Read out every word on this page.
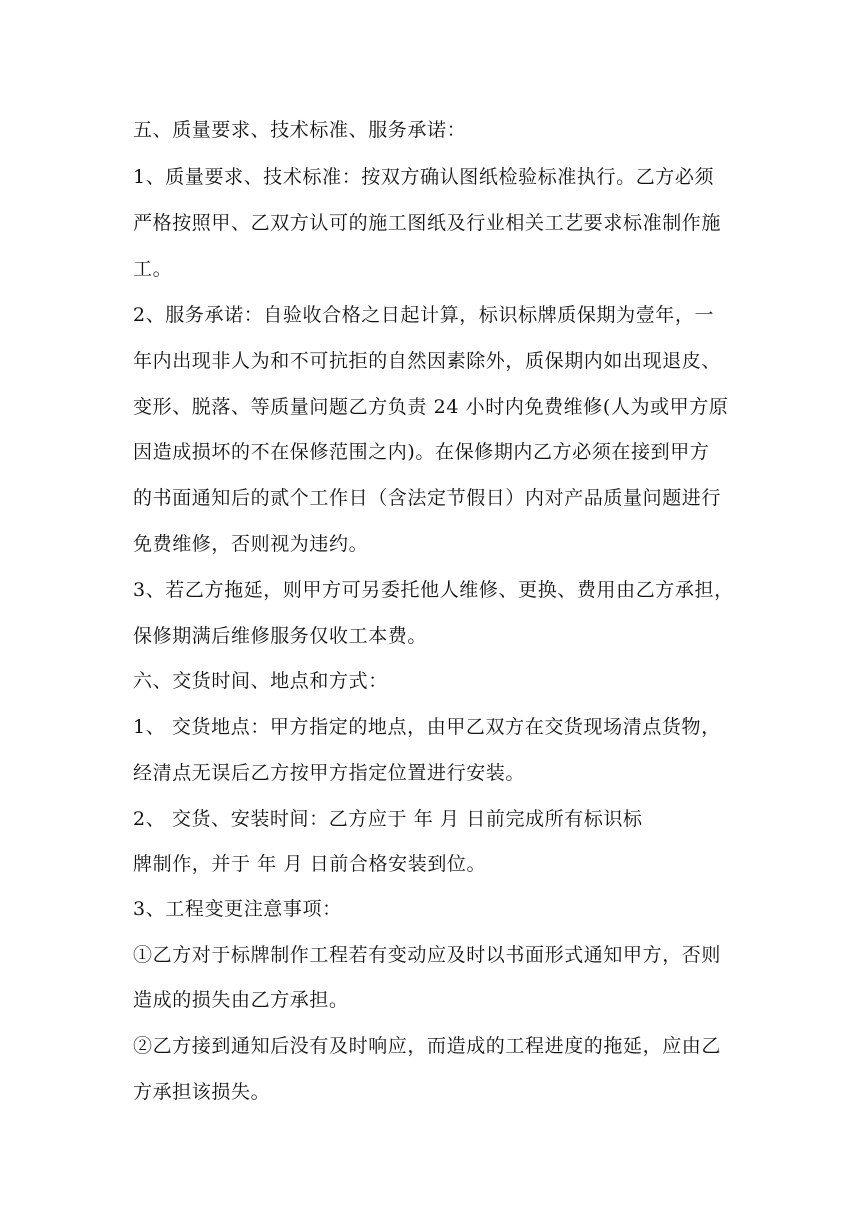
五、质量要求、技术标准、服务承诺：
1、质量要求、技术标准：按双方确认图纸检验标准执行。乙方必须
严格按照甲、乙双方认可的施工图纸及行业相关工艺要求标准制作施
工。
2、服务承诺：自验收合格之日起计算，标识标牌质保期为壹年，一
年内出现非人为和不可抗拒的自然因素除外，质保期内如出现退皮、
变形、脱落、等质量问题乙方负责 24 小时内免费维修(人为或甲方原
因造成损坏的不在保修范围之内)。在保修期内乙方必须在接到甲方
的书面通知后的贰个工作日（含法定节假日）内对产品质量问题进行
免费维修，否则视为违约。
3、若乙方拖延，则甲方可另委托他人维修、更换、费用由乙方承担，
保修期满后维修服务仅收工本费。
六、交货时间、地点和方式：
1、 交货地点：甲方指定的地点，由甲乙双方在交货现场清点货物，
经清点无误后乙方按甲方指定位置进行安装。
2、 交货、安装时间：乙方应于 年 月 日前完成所有标识标
牌制作，并于 年 月 日前合格安装到位。
3、工程变更注意事项：
①乙方对于标牌制作工程若有变动应及时以书面形式通知甲方，否则
造成的损失由乙方承担。
②乙方接到通知后没有及时响应，而造成的工程进度的拖延，应由乙
方承担该损失。
